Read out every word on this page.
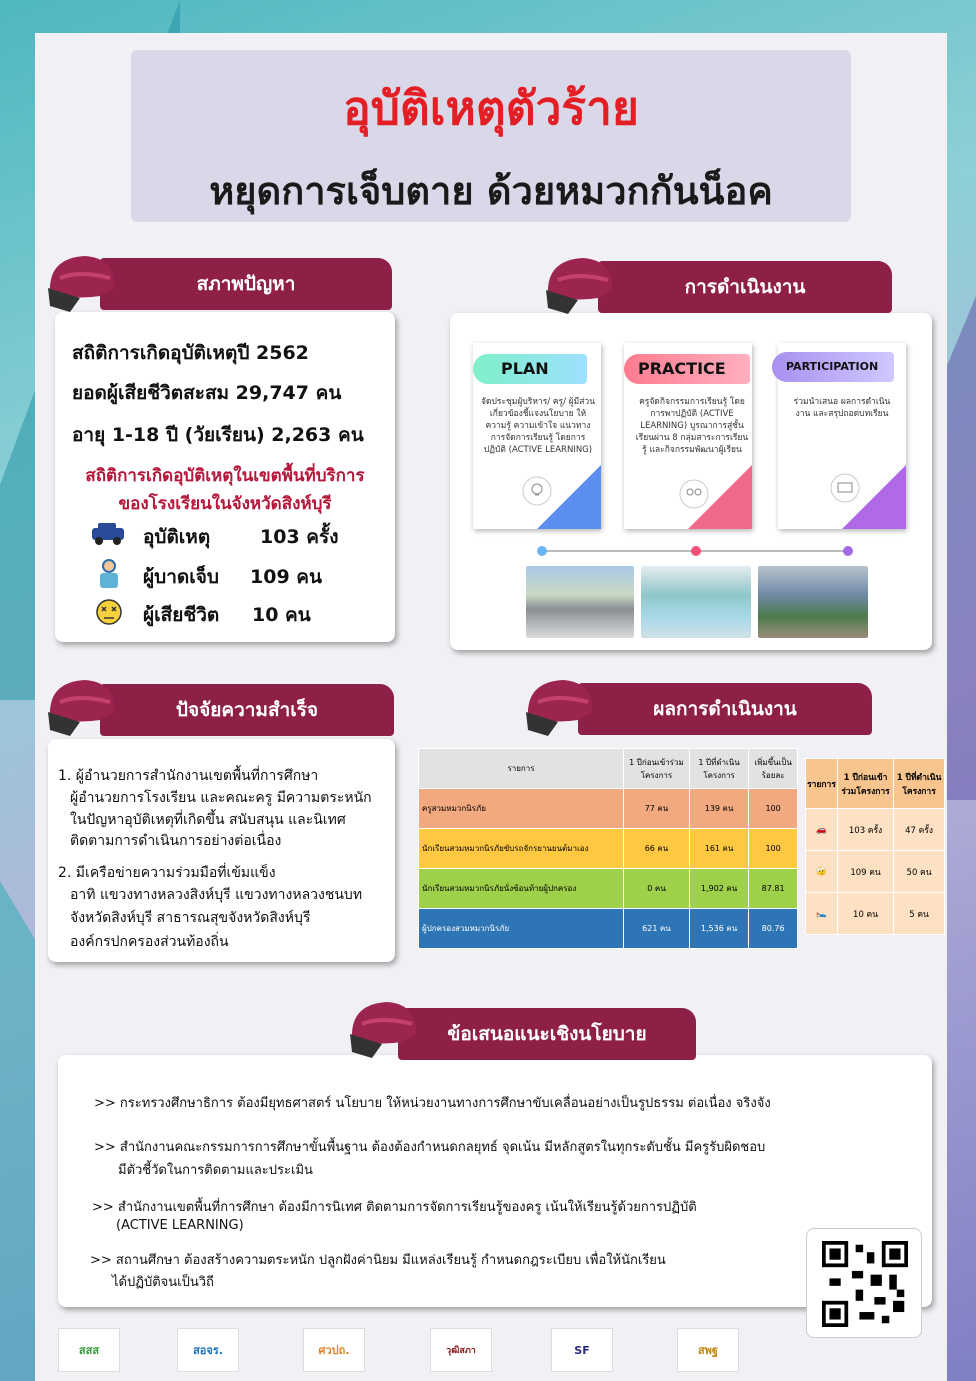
อุบัติเหตุตัวร้าย
หยุดการเจ็บตาย ด้วยหมวกกันน็อค
สภาพปัญหา
สถิติการเกิดอุบัติเหตุปี 2562
ยอดผู้เสียชีวิตสะสม 29,747 คน
อายุ 1-18 ปี (วัยเรียน) 2,263 คน
สถิติการเกิดอุบัติเหตุในเขตพื้นที่บริการ
ของโรงเรียนในจังหวัดสิงห์บุรี
อุบัติเหตุ	103 ครั้ง
ผู้บาดเจ็บ 109 คน
ผู้เสียชีวิต 10 คน
การดำเนินงาน
PLAN
จัดประชุมผู้บริหาร/ ครู/ ผู้มีส่วนเกี่ยวข้องชี้แจงนโยบาย ให้ความรู้ ความเข้าใจ แนวทางการจัดการเรียนรู้ โดยการปฏิบัติ (ACTIVE LEARNING)
PRACTICE
ครูจัดกิจกรรมการเรียนรู้ โดยการพาปฏิบัติ (ACTIVE LEARNING) บูรณาการสู่ชั้นเรียนผ่าน 8 กลุ่มสาระการเรียนรู้ และกิจกรรมพัฒนาผู้เรียน
PARTICIPATION
ร่วมนำเสนอ ผลการดำเนินงาน และสรุปถอดบทเรียน
ปัจจัยความสำเร็จ
1. ผู้อำนวยการสำนักงานเขตพื้นที่การศึกษา
ผู้อำนวยการโรงเรียน และคณะครู มีความตระหนัก
ในปัญหาอุบัติเหตุที่เกิดขึ้น สนับสนุน และนิเทศ
ติดตามการดำเนินการอย่างต่อเนื่อง
2. มีเครือข่ายความร่วมมือที่เข้มแข็ง
อาทิ แขวงทางหลวงสิงห์บุรี แขวงทางหลวงชนบท
จังหวัดสิงห์บุรี สาธารณสุขจังหวัดสิงห์บุรี
องค์กรปกครองส่วนท้องถิ่น
ผลการดำเนินงาน
รายการ	1 ปีก่อนเข้าร่วมโครงการ	1 ปีที่ดำเนินโครงการ	เพิ่มขึ้นเป็นร้อยละ
ครูสวมหมวกนิรภัย	77 คน	139 คน	100
นักเรียนสวมหมวกนิรภัยขับรถจักรยานยนต์มาเอง	66 คน	161 คน	100
นักเรียนสวมหมวกนิรภัยนั่งซ้อนท้ายผู้ปกครอง	0 คน	1,902 คน	87.81
ผู้ปกครองสวมหมวกนิรภัย	621 คน	1,536 คน	80.76
รายการ	1 ปีก่อนเข้าร่วมโครงการ	1 ปีที่ดำเนินโครงการ
🚗	103 ครั้ง	47 ครั้ง
🤕	109 คน	50 คน
🛌	10 คน	5 คน
ข้อเสนอแนะเชิงนโยบาย
>> กระทรวงศึกษาธิการ ต้องมียุทธศาสตร์ นโยบาย ให้หน่วยงานทางการศึกษาขับเคลื่อนอย่างเป็นรูปธรรม ต่อเนื่อง จริงจัง
>> สำนักงานคณะกรรมการการศึกษาขั้นพื้นฐาน ต้องต้องกำหนดกลยุทธ์ จุดเน้น มีหลักสูตรในทุกระดับชั้น มีครูรับผิดชอบ
มีตัวชี้วัดในการติดตามและประเมิน
>> สำนักงานเขตพื้นที่การศึกษา ต้องมีการนิเทศ ติดตามการจัดการเรียนรู้ของครู เน้นให้เรียนรู้ด้วยการปฏิบัติ
(ACTIVE LEARNING)
>> สถานศึกษา ต้องสร้างความตระหนัก ปลูกฝังค่านิยม มีแหล่งเรียนรู้ กำหนดกฎระเบียบ เพื่อให้นักเรียน
ได้ปฏิบัติจนเป็นวิถี
สสส	สอจร.	ศวปถ.	วุฒิสภา	SF	สพฐ
